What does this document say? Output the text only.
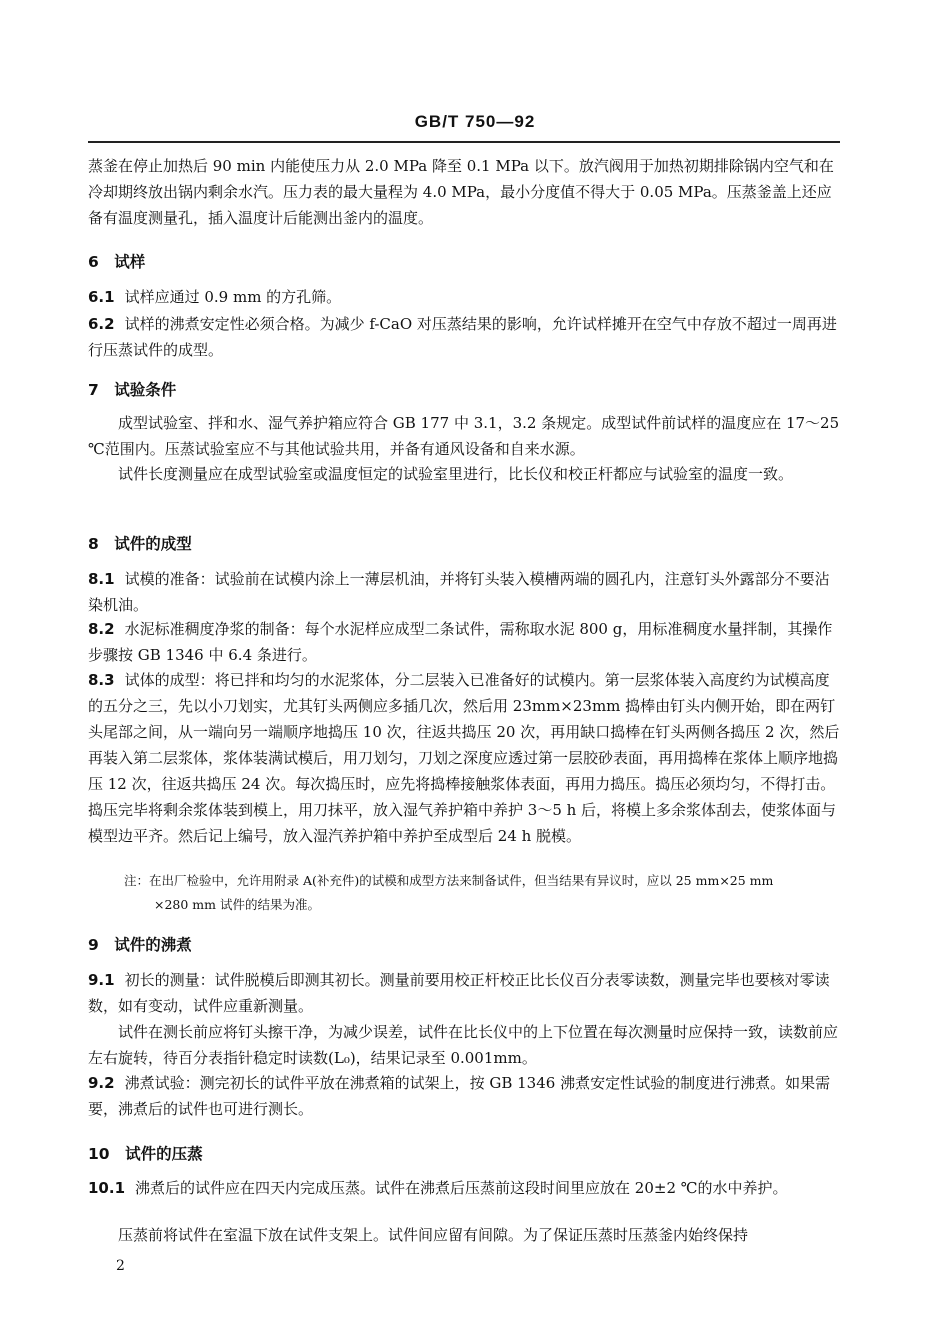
GB/T 750—92
蒸釜在停止加热后 90 min 内能使压力从 2.0 MPa 降至 0.1 MPa 以下。放汽阀用于加热初期排除锅内空气和在冷却期终放出锅内剩余水汽。压力表的最大量程为 4.0 MPa，最小分度值不得大于 0.05 MPa。压蒸釜盖上还应备有温度测量孔，插入温度计后能测出釜内的温度。
6　试样
6.1 试样应通过 0.9 mm 的方孔筛。
6.2 试样的沸煮安定性必须合格。为减少 f-CaO 对压蒸结果的影响，允许试样摊开在空气中存放不超过一周再进行压蒸试件的成型。
7　试验条件
成型试验室、拌和水、湿气养护箱应符合 GB 177 中 3.1，3.2 条规定。成型试件前试样的温度应在 17～25 ℃范围内。压蒸试验室应不与其他试验共用，并备有通风设备和自来水源。
试件长度测量应在成型试验室或温度恒定的试验室里进行，比长仪和校正杆都应与试验室的温度一致。
8　试件的成型
8.1 试模的准备：试验前在试模内涂上一薄层机油，并将钉头装入模槽两端的圆孔内，注意钉头外露部分不要沾染机油。
8.2 水泥标准稠度净浆的制备：每个水泥样应成型二条试件，需称取水泥 800 g，用标准稠度水量拌制，其操作步骤按 GB 1346 中 6.4 条进行。
8.3 试体的成型：将已拌和均匀的水泥浆体，分二层装入已准备好的试模内。第一层浆体装入高度约为试模高度的五分之三，先以小刀划实，尤其钉头两侧应多插几次，然后用 23mm×23mm 捣棒由钉头内侧开始，即在两钉头尾部之间，从一端向另一端顺序地捣压 10 次，往返共捣压 20 次，再用缺口捣棒在钉头两侧各捣压 2 次，然后再装入第二层浆体，浆体装满试模后，用刀划匀，刀划之深度应透过第一层胶砂表面，再用捣棒在浆体上顺序地捣压 12 次，往返共捣压 24 次。每次捣压时，应先将捣棒接触浆体表面，再用力捣压。捣压必须均匀，不得打击。捣压完毕将剩余浆体装到模上，用刀抹平，放入湿气养护箱中养护 3～5 h 后，将模上多余浆体刮去，使浆体面与模型边平齐。然后记上编号，放入湿汽养护箱中养护至成型后 24 h 脱模。
注：在出厂检验中，允许用附录 A(补充件)的试模和成型方法来制备试件，但当结果有异议时，应以 25 mm×25 mm
×280 mm 试件的结果为准。
9　试件的沸煮
9.1 初长的测量：试件脱模后即测其初长。测量前要用校正杆校正比长仪百分表零读数，测量完毕也要核对零读数，如有变动，试件应重新测量。
试件在测长前应将钉头擦干净，为减少误差，试件在比长仪中的上下位置在每次测量时应保持一致，读数前应左右旋转，待百分表指针稳定时读数(L₀)，结果记录至 0.001mm。
9.2 沸煮试验：测完初长的试件平放在沸煮箱的试架上，按 GB 1346 沸煮安定性试验的制度进行沸煮。如果需要，沸煮后的试件也可进行测长。
10　试件的压蒸
10.1 沸煮后的试件应在四天内完成压蒸。试件在沸煮后压蒸前这段时间里应放在 20±2 ℃的水中养护。
压蒸前将试件在室温下放在试件支架上。试件间应留有间隙。为了保证压蒸时压蒸釜内始终保持
2
